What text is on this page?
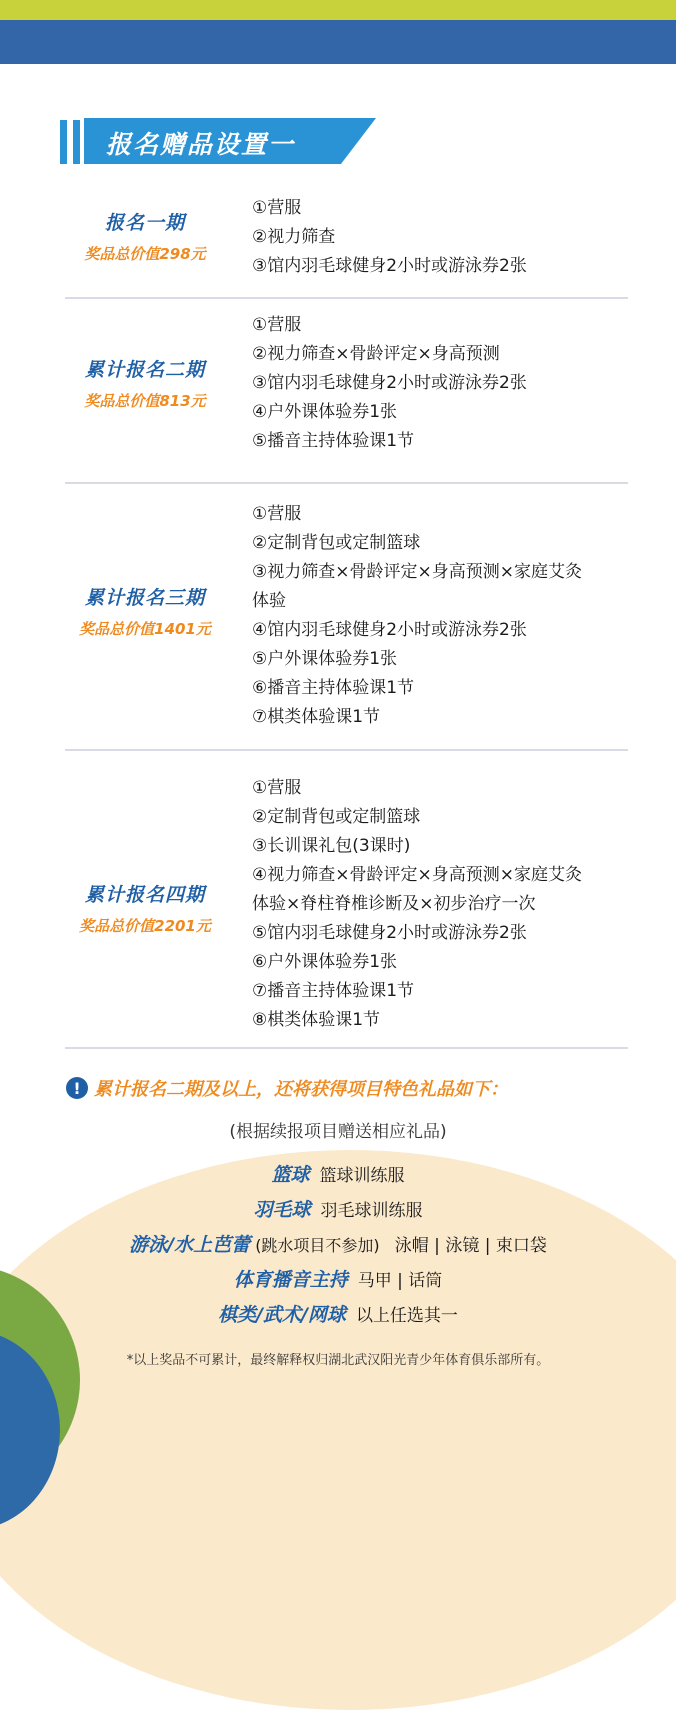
报名赠品设置一
报名一期
奖品总价值298元
①营服
②视力筛查
③馆内羽毛球健身2小时或游泳券2张
累计报名二期
奖品总价值813元
①营服
②视力筛查×骨龄评定×身高预测
③馆内羽毛球健身2小时或游泳券2张
④户外课体验券1张
⑤播音主持体验课1节
累计报名三期
奖品总价值1401元
①营服
②定制背包或定制篮球
③视力筛查×骨龄评定×身高预测×家庭艾灸
体验
④馆内羽毛球健身2小时或游泳券2张
⑤户外课体验券1张
⑥播音主持体验课1节
⑦棋类体验课1节
累计报名四期
奖品总价值2201元
①营服
②定制背包或定制篮球
③长训课礼包(3课时)
④视力筛查×骨龄评定×身高预测×家庭艾灸
体验×脊柱脊椎诊断及×初步治疗一次
⑤馆内羽毛球健身2小时或游泳券2张
⑥户外课体验券1张
⑦播音主持体验课1节
⑧棋类体验课1节
! 累计报名二期及以上，还将获得项目特色礼品如下：
(根据续报项目赠送相应礼品)
篮球 篮球训练服
羽毛球 羽毛球训练服
游泳/水上芭蕾 (跳水项目不参加) 泳帽 | 泳镜 | 束口袋
体育播音主持 马甲 | 话筒
棋类/武术/网球 以上任选其一
*以上奖品不可累计，最终解释权归湖北武汉阳光青少年体育俱乐部所有。
